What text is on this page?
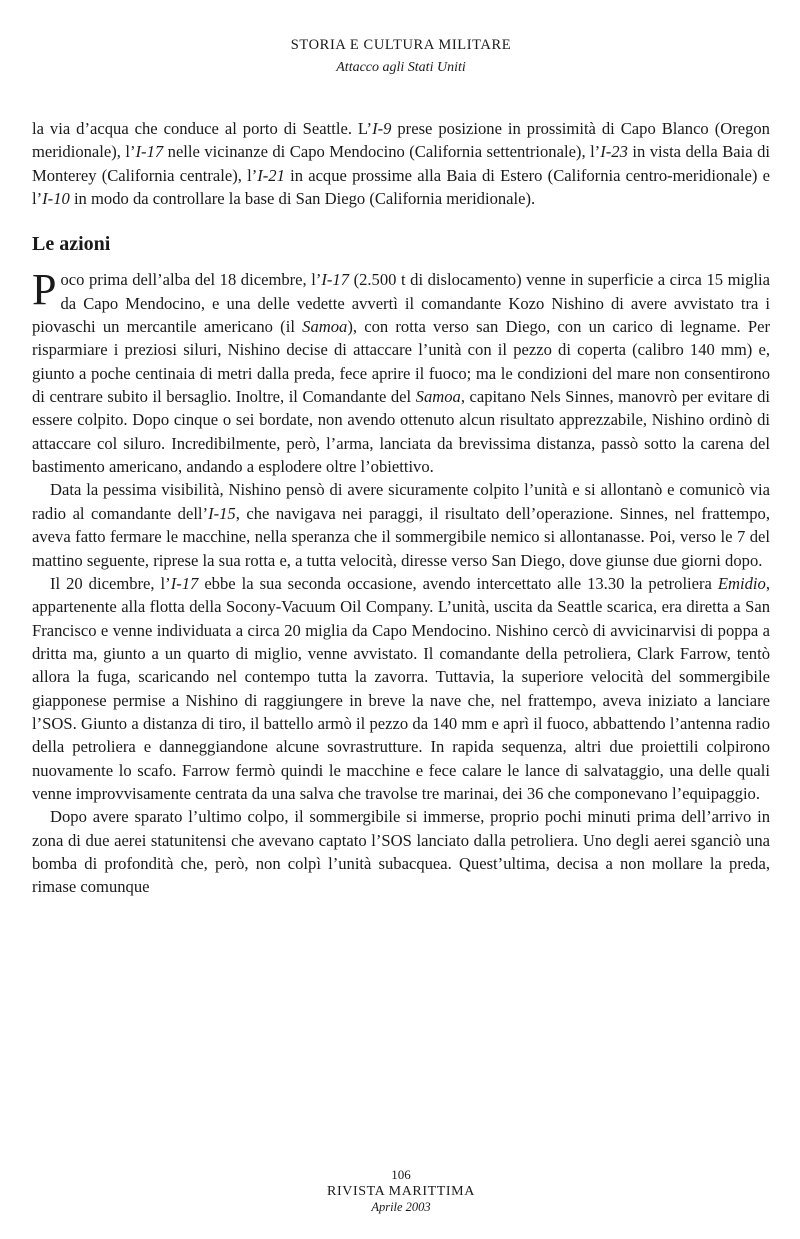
STORIA E CULTURA MILITARE
Attacco agli Stati Uniti

la via d’acqua che conduce al porto di Seattle. L’I-9 prese posizione in prossimità di Capo Blanco (Oregon meridionale), l’I-17 nelle vicinanze di Capo Mendocino (California settentrionale), l’I-23 in vista della Baia di Monterey (California centrale), l’I-21 in acque prossime alla Baia di Estero (California centro-meridionale) e l’I-10 in modo da controllare la base di San Diego (California meridionale).

Le azioni

Poco prima dell’alba del 18 dicembre, l’I-17 (2.500 t di dislocamento) venne in superficie a circa 15 miglia da Capo Mendocino, e una delle vedette avvertì il comandante Kozo Nishino di avere avvistato tra i piovaschi un mercantile americano (il Samoa), con rotta verso san Diego, con un carico di legname. Per risparmiare i preziosi siluri, Nishino decise di attaccare l’unità con il pezzo di coperta (calibro 140 mm) e, giunto a poche centinaia di metri dalla preda, fece aprire il fuoco; ma le condizioni del mare non consentirono di centrare subito il bersaglio. Inoltre, il Comandante del Samoa, capitano Nels Sinnes, manovrò per evitare di essere colpito. Dopo cinque o sei bordate, non avendo ottenuto alcun risultato apprezzabile, Nishino ordinò di attaccare col siluro. Incredibilmente, però, l’arma, lanciata da brevissima distanza, passò sotto la carena del bastimento americano, andando a esplodere oltre l’obiettivo.

Data la pessima visibilità, Nishino pensò di avere sicuramente colpito l’unità e si allontanò e comunicò via radio al comandante dell’I-15, che navigava nei paraggi, il risultato dell’operazione. Sinnes, nel frattempo, aveva fatto fermare le macchine, nella speranza che il sommergibile nemico si allontanasse. Poi, verso le 7 del mattino seguente, riprese la sua rotta e, a tutta velocità, diresse verso San Diego, dove giunse due giorni dopo.

Il 20 dicembre, l’I-17 ebbe la sua seconda occasione, avendo intercettato alle 13.30 la petroliera Emidio, appartenente alla flotta della Socony-Vacuum Oil Company. L’unità, uscita da Seattle scarica, era diretta a San Francisco e venne individuata a circa 20 miglia da Capo Mendocino. Nishino cercò di avvicinarvisi di poppa a dritta ma, giunto a un quarto di miglio, venne avvistato. Il comandante della petroliera, Clark Farrow, tentò allora la fuga, scaricando nel contempo tutta la zavorra. Tuttavia, la superiore velocità del sommergibile giapponese permise a Nishino di raggiungere in breve la nave che, nel frattempo, aveva iniziato a lanciare l’SOS. Giunto a distanza di tiro, il battello armò il pezzo da 140 mm e aprì il fuoco, abbattendo l’antenna radio della petroliera e danneggiandone alcune sovrastrutture. In rapida sequenza, altri due proiettili colpirono nuovamente lo scafo. Farrow fermò quindi le macchine e fece calare le lance di salvataggio, una delle quali venne improvvisamente centrata da una salva che travolse tre marinai, dei 36 che componevano l’equipaggio.

Dopo avere sparato l’ultimo colpo, il sommergibile si immerse, proprio pochi minuti prima dell’arrivo in zona di due aerei statunitensi che avevano captato l’SOS lanciato dalla petroliera. Uno degli aerei sganciò una bomba di profondità che, però, non colpì l’unità subacquea. Quest’ultima, decisa a non mollare la preda, rimase comunque

106
RIVISTA MARITTIMA
Aprile 2003
